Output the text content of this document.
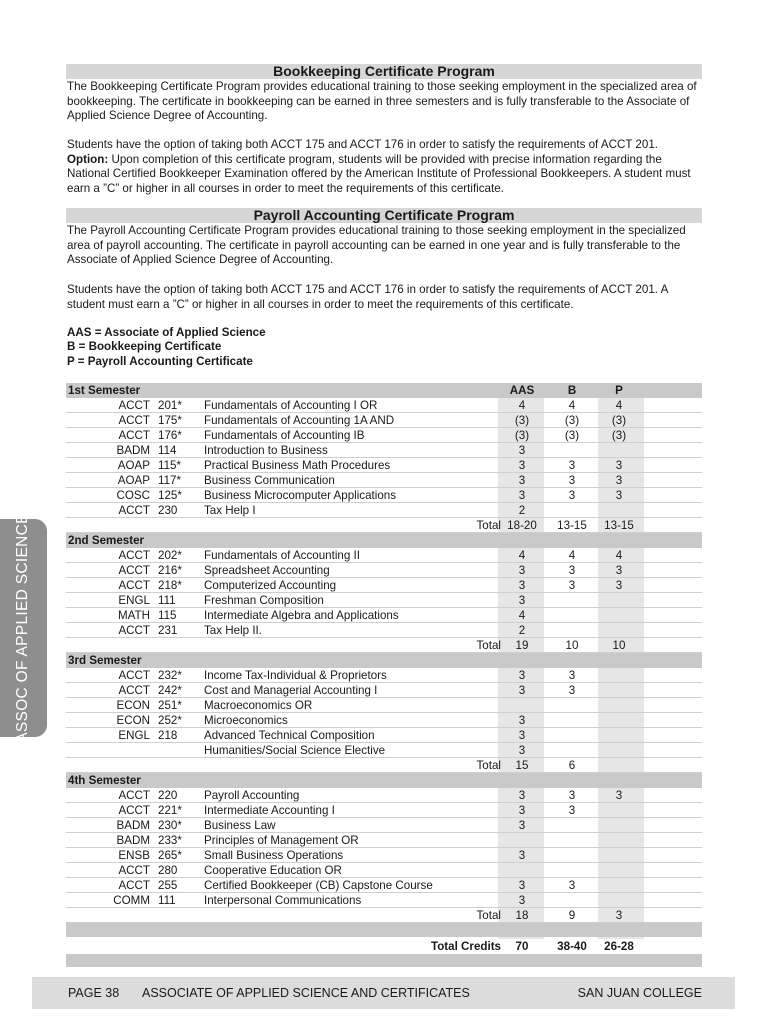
ASSOC OF APPLIED SCIENCE
Bookkeeping Certificate Program

The Bookkeeping Certificate Program provides educational training to those seeking employment in the specialized area of bookkeeping. The certificate in bookkeeping can be earned in three semesters and is fully transferable to the Associate of Applied Science Degree of Accounting.

Students have the option of taking both ACCT 175 and ACCT 176 in order to satisfy the requirements of ACCT 201.
Option: Upon completion of this certificate program, students will be provided with precise information regarding the National Certified Bookkeeper Examination offered by the American Institute of Professional Bookkeepers. A student must earn a ”C” or higher in all courses in order to meet the requirements of this certificate.

Payroll Accounting Certificate Program

The Payroll Accounting Certificate Program provides educational training to those seeking employment in the specialized area of payroll accounting. The certificate in payroll accounting can be earned in one year and is fully transferable to the Associate of Applied Science Degree of Accounting.

Students have the option of taking both ACCT 175 and ACCT 176 in order to satisfy the requirements of ACCT 201. A student must earn a ”C” or higher in all courses in order to meet the requirements of this certificate.

AAS = Associate of Applied Science
B = Bookkeeping Certificate
P = Payroll Accounting Certificate
1st Semester	AAS	B	P
ACCT 201* Fundamentals of Accounting I OR	4	4	4
ACCT 175* Fundamentals of Accounting 1A AND	(3)	(3)	(3)
ACCT 176* Fundamentals of Accounting IB	(3)	(3)	(3)
BADM 114 Introduction to Business	3
AOAP 115* Practical Business Math Procedures	3	3	3
AOAP 117* Business Communication	3	3	3
COSC 125* Business Microcomputer Applications	3	3	3
ACCT 230 Tax Help I	2
Total 18-20	13-15	13-15
2nd Semester
ACCT 202* Fundamentals of Accounting II	4	4	4
ACCT 216* Spreadsheet Accounting	3	3	3
ACCT 218* Computerized Accounting	3	3	3
ENGL 111 Freshman Composition	3
MATH 115 Intermediate Algebra and Applications	4
ACCT 231 Tax Help II.	2
Total	19	10	10
3rd Semester
ACCT 232* Income Tax-Individual & Proprietors	3	3
ACCT 242* Cost and Managerial Accounting I	3	3
ECON 251* Macroeconomics OR
ECON 252* Microeconomics	3
ENGL 218 Advanced Technical Composition	3
Humanities/Social Science Elective	3
Total	15	6
4th Semester
ACCT 220 Payroll Accounting	3	3	3
ACCT 221* Intermediate Accounting I	3	3
BADM 230* Business Law	3
BADM 233* Principles of Management OR
ENSB 265* Small Business Operations	3
ACCT 280 Cooperative Education OR
ACCT 255 Certified Bookkeeper (CB) Capstone Course	3	3
COMM 111 Interpersonal Communications	3
Total	18	9	3
Total Credits	70	38-40	26-28
PAGE 38 ASSOCIATE OF APPLIED SCIENCE AND CERTIFICATES	SAN JUAN COLLEGE
